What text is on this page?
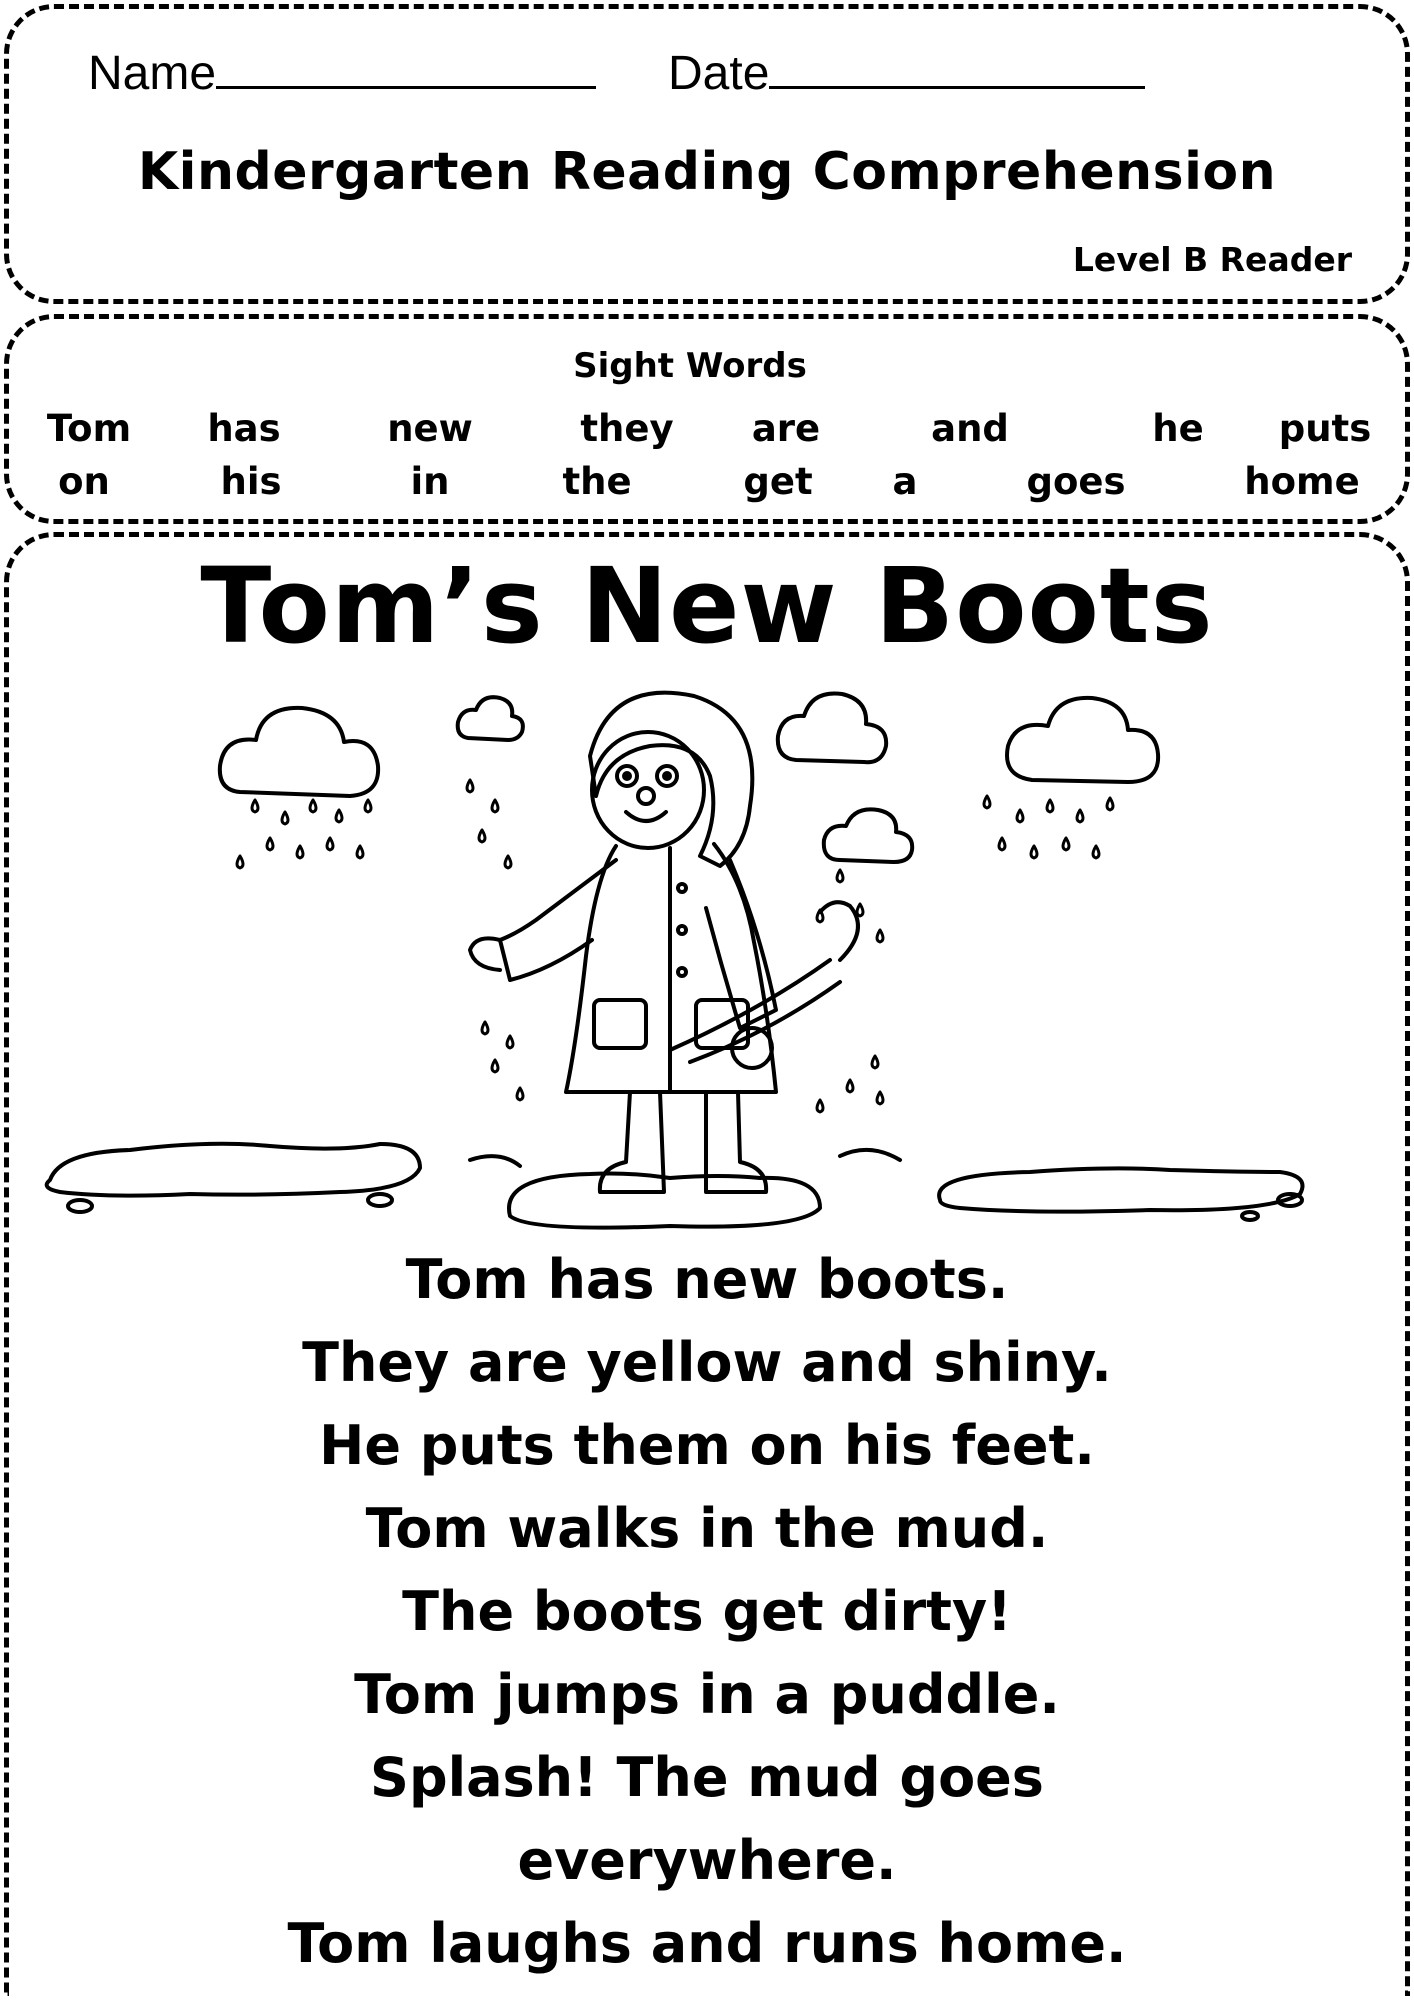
Name	Date
Kindergarten Reading Comprehension
Level B Reader
Sight Words
Tom has	new	they are	and	he puts
on	his	in	the	get a	goes	home
Tom’s New Boots
Tom has new boots.
They are yellow and shiny.
He puts them on his feet.
Tom walks in the mud.
The boots get dirty!
Tom jumps in a puddle.
Splash! The mud goes
everywhere.
Tom laughs and runs home.
